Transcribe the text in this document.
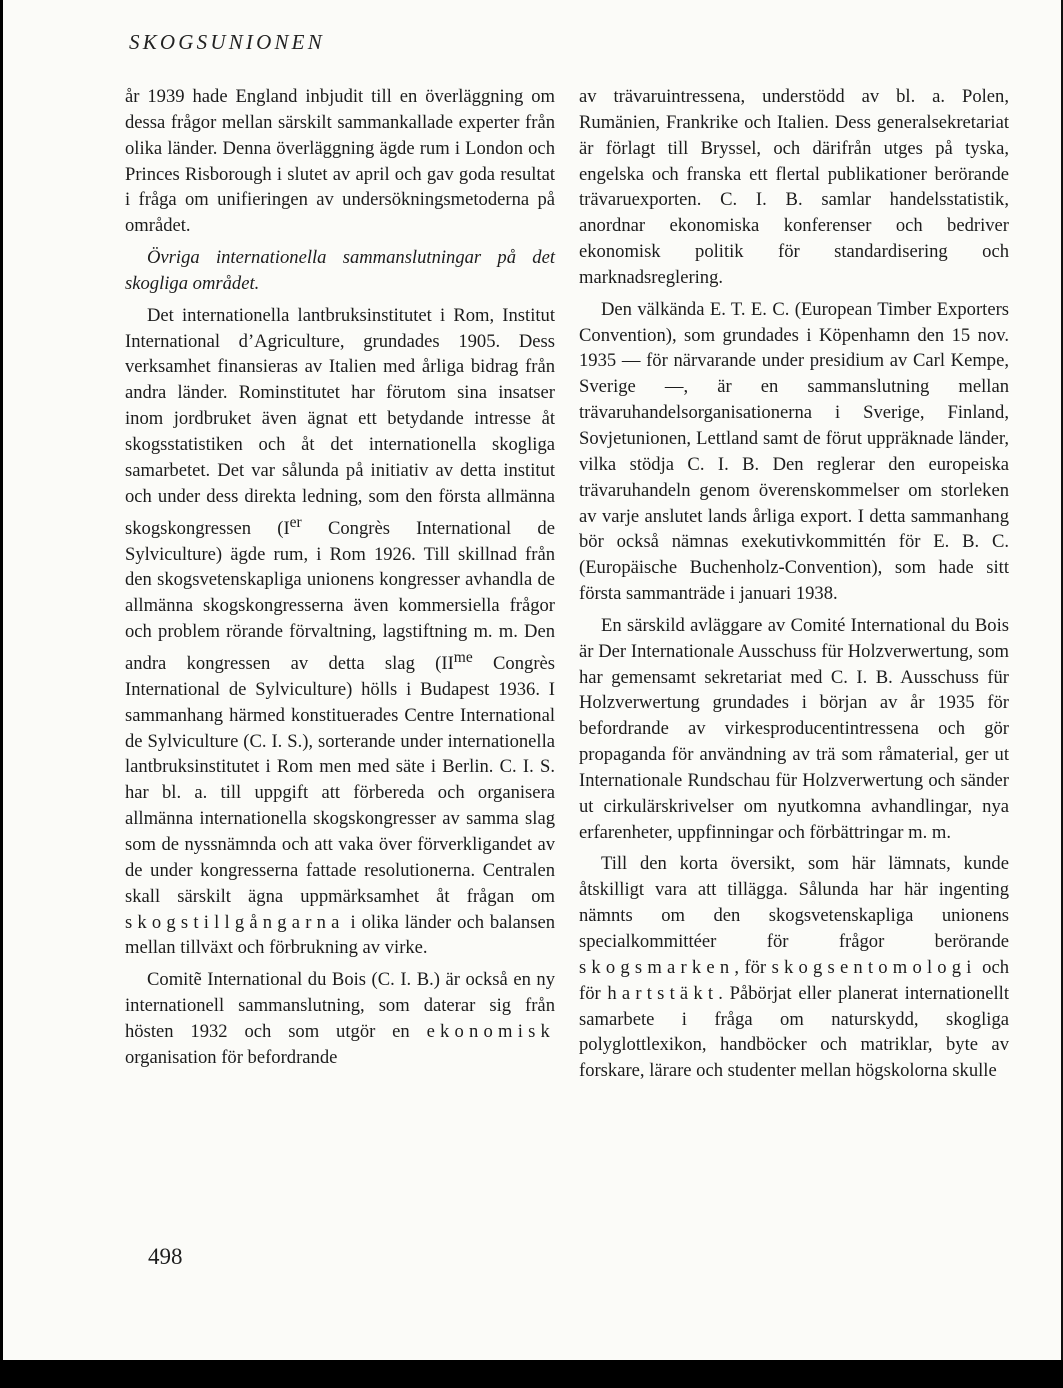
SKOGSUNIONEN

år 1939 hade England inbjudit till en överläggning om dessa frågor mellan särskilt sammankallade experter från olika länder. Denna överläggning ägde rum i London och Princes Risborough i slutet av april och gav goda resultat i fråga om unifieringen av undersökningsmetoderna på området.

Övriga internationella sammanslutningar på det skogliga området.

Det internationella lantbruksinstitutet i Rom, Institut International d’Agriculture, grundades 1905. Dess verksamhet finansieras av Italien med årliga bidrag från andra länder. Rominstitutet har förutom sina insatser inom jordbruket även ägnat ett betydande intresse åt skogsstatistiken och åt det internationella skogliga samarbetet. Det var sålunda på initiativ av detta institut och under dess direkta ledning, som den första allmänna skogskongressen (Ier Congrès International de Sylviculture) ägde rum, i Rom 1926. Till skillnad från den skogsvetenskapliga unionens kongresser avhandla de allmänna skogskongresserna även kommersiella frågor och problem rörande förvaltning, lagstiftning m. m. Den andra kongressen av detta slag ($II^{me}$ Congrès International de Sylviculture) hölls i Budapest 1936. I sammanhang härmed konstituerades Centre International de Sylviculture (C. I. S.), sorterande under internationella lantbruksinstitutet i Rom men med säte i Berlin. C. I. S. har bl. a. till uppgift att förbereda och organisera allmänna internationella skogskongresser av samma slag som de nyssnämnda och att vaka över förverkligandet av de under kongresserna fattade resolutionerna. Centralen skall särskilt ägna uppmärksamhet åt frågan om skogstillgångarna i olika länder och balansen mellan tillväxt och förbrukning av virke.

Comitẽ International du Bois (C. I. B.) är också en ny internationell sammanslutning, som daterar sig från hösten 1932 och som utgör en ekonomisk organisation för befordrande

av trävaruintressena, understödd av bl. a. Polen, Rumänien, Frankrike och Italien. Dess generalsekretariat är förlagt till Bryssel, och därifrån utges på tyska, engelska och franska ett flertal publikationer berörande trävaruexporten. C. I. B. samlar handelsstatistik, anordnar ekonomiska konferenser och bedriver ekonomisk politik för standardisering och marknadsreglering.

Den välkända E. T. E. C. (European Timber Exporters Convention), som grundades i Köpenhamn den 15 nov. 1935 — för närvarande under presidium av Carl Kempe, Sverige —, är en sammanslutning mellan trävaruhandelsorganisationerna i Sverige, Finland, Sovjetunionen, Lettland samt de förut uppräknade länder, vilka stödja C. I. B. Den reglerar den europeiska trävaruhandeln genom överenskommelser om storleken av varje anslutet lands årliga export. I detta sammanhang bör också nämnas exekutivkommittén för E. B. C. (Europäische Buchenholz-Convention), som hade sitt första sammanträde i januari 1938.

En särskild avläggare av Comité International du Bois är Der Internationale Ausschuss für Holzverwertung, som har gemensamt sekretariat med C. I. B. Ausschuss für Holzverwertung grundades i början av år 1935 för befordrande av virkesproducentintressena och gör propaganda för användning av trä som råmaterial, ger ut Internationale Rundschau für Holzverwertung och sänder ut cirkulärskrivelser om nyutkomna avhandlingar, nya erfarenheter, uppfinningar och förbättringar m. m.

Till den korta översikt, som här lämnats, kunde åtskilligt vara att tillägga. Sålunda har här ingenting nämnts om den skogsvetenskapliga unionens specialkommittéer för frågor berörande skogsmarken, för skogsentomologi och för hartstäkt. Påbörjat eller planerat internationellt samarbete i fråga om naturskydd, skogliga polyglottlexikon, handböcker och matriklar, byte av forskare, lärare och studenter mellan högskolorna skulle

498
